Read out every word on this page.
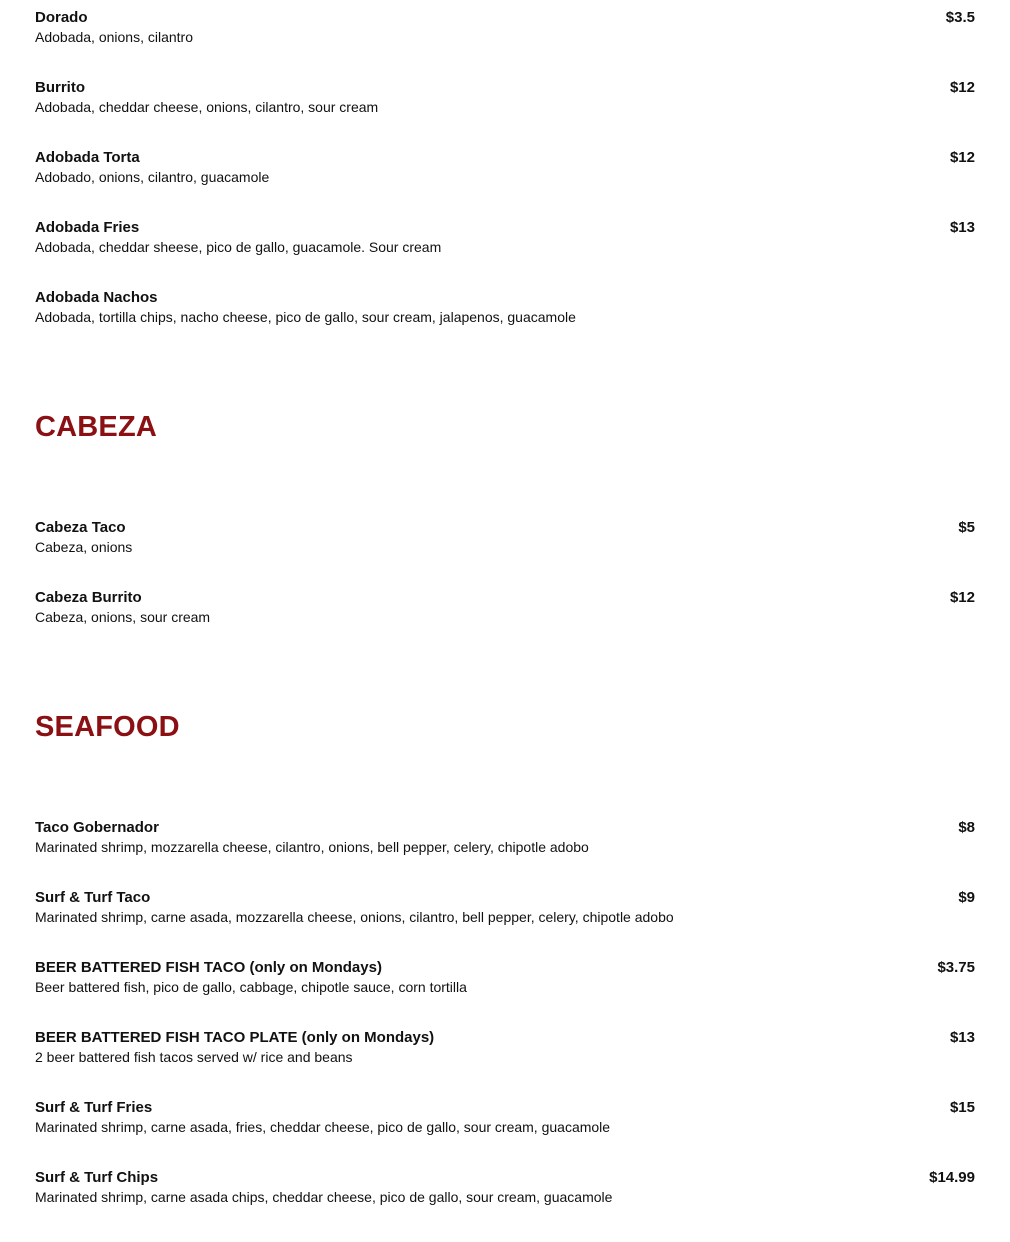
Dorado	$3.5
Adobada, onions, cilantro
Burrito	$12
Adobada, cheddar cheese, onions, cilantro, sour cream
Adobada Torta	$12
Adobado, onions, cilantro, guacamole
Adobada Fries	$13
Adobada, cheddar sheese, pico de gallo, guacamole. Sour cream
Adobada Nachos
Adobada, tortilla chips, nacho cheese, pico de gallo, sour cream, jalapenos, guacamole
CABEZA
Cabeza Taco	$5
Cabeza, onions
Cabeza Burrito	$12
Cabeza, onions, sour cream
SEAFOOD
Taco Gobernador	$8
Marinated shrimp, mozzarella cheese, cilantro, onions, bell pepper, celery, chipotle adobo
Surf & Turf Taco	$9
Marinated shrimp, carne asada, mozzarella cheese, onions, cilantro, bell pepper, celery, chipotle adobo
BEER BATTERED FISH TACO (only on Mondays)	$3.75
Beer battered fish, pico de gallo, cabbage, chipotle sauce, corn tortilla
BEER BATTERED FISH TACO PLATE (only on Mondays)	$13
2 beer battered fish tacos served w/ rice and beans
Surf & Turf Fries	$15
Marinated shrimp, carne asada, fries, cheddar cheese, pico de gallo, sour cream, guacamole
Surf & Turf Chips	$14.99
Marinated shrimp, carne asada chips, cheddar cheese, pico de gallo, sour cream, guacamole
